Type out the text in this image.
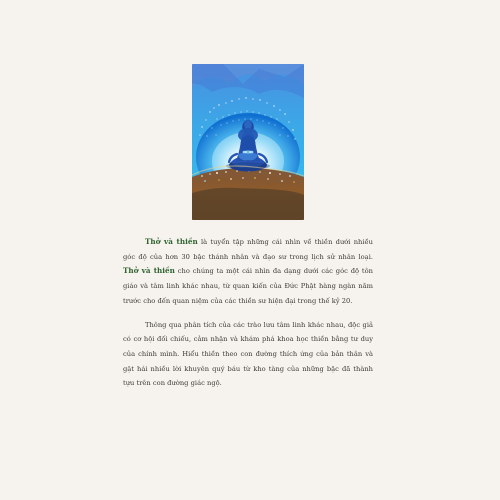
Thở và thiền là tuyển tập những cái nhìn về thiền dưới nhiều góc độ của hơn 30 bậc thánh nhân và đạo sư trong lịch sử nhân loại. Thở và thiền cho chúng ta một cái nhìn đa dạng dưới các góc độ tôn giáo và tâm linh khác nhau, từ quan kiến của Đức Phật hàng ngàn năm trước cho đến quan niệm của các thiền sư hiện đại trong thế kỷ 20.

Thông qua phân tích của các trào lưu tâm linh khác nhau, độc giả có cơ hội đối chiếu, cảm nhận và khám phá khoa học thiền bằng tư duy của chính mình. Hiểu thiền theo con đường thích ứng của bản thân và gặt hái nhiều lời khuyên quý báu từ kho tàng của những bậc đã thành tựu trên con đường giác ngộ.
